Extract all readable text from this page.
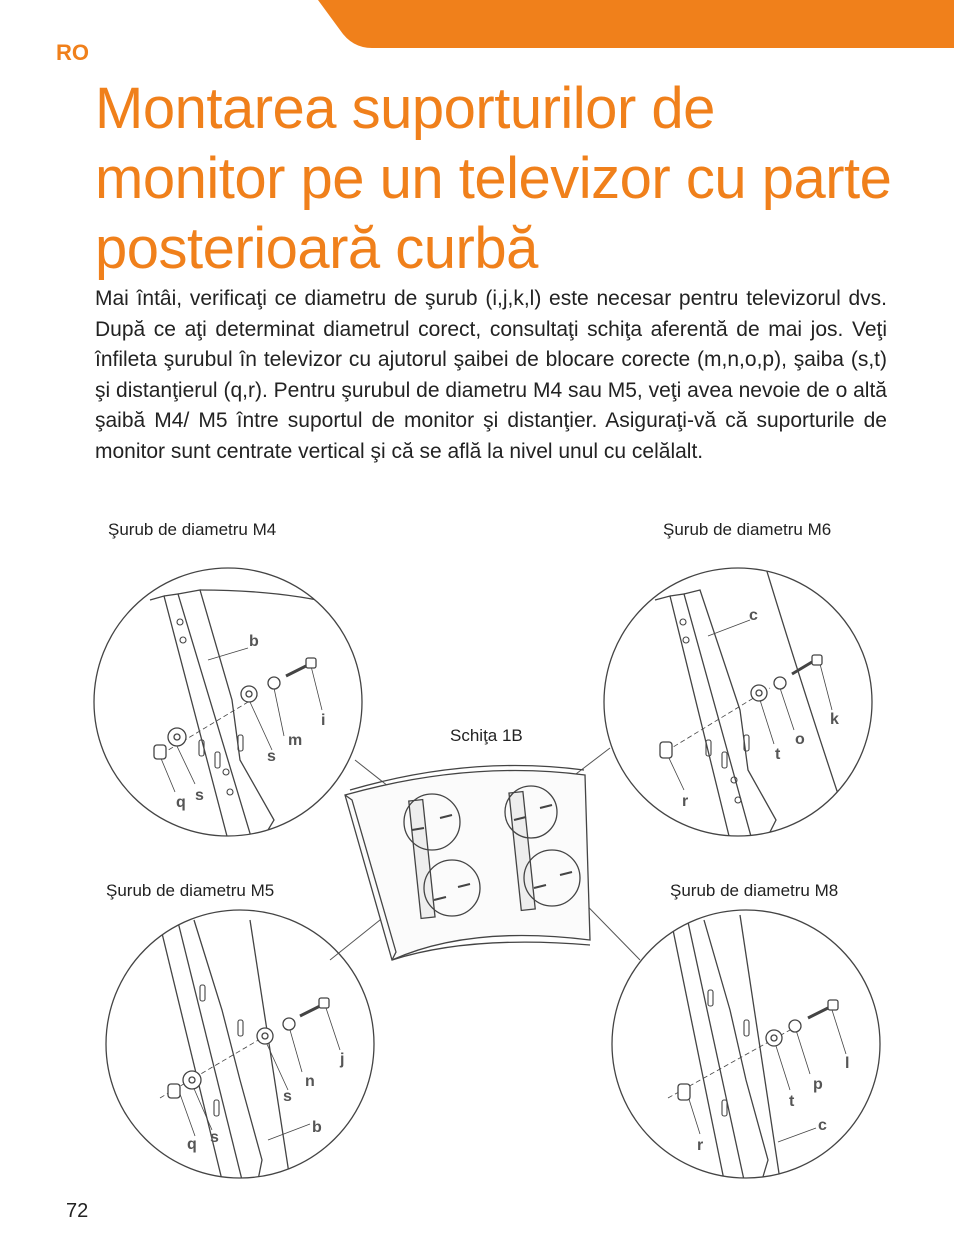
RO
Montarea suporturilor de monitor pe un televizor cu parte posterioară curbă

Mai întâi, verificaţi ce diametru de şurub (i,j,k,l) este necesar pentru televizorul dvs. După ce aţi determinat diametrul corect, consultaţi schiţa aferentă de mai jos. Veţi înfileta şurubul în televizor cu ajutorul şaibei de blocare corecte (m,n,o,p), şaiba (s,t) şi distanţierul (q,r). Pentru şurubul de diametru M4 sau M5, veţi avea nevoie de o altă şaibă M4/ M5 între suportul de monitor şi distanţier. Asiguraţi-vă că suporturile de monitor sunt centrate vertical şi că se află la nivel unul cu celălalt.

Şurub de diametru M4	Şurub de diametru M6
Schiţa 1B
Şurub de diametru M5	Şurub de diametru M8
b
i
m
s
q s
c
k
o
t
r
j
n
s
b
q s
l
p
t
c
r
72
